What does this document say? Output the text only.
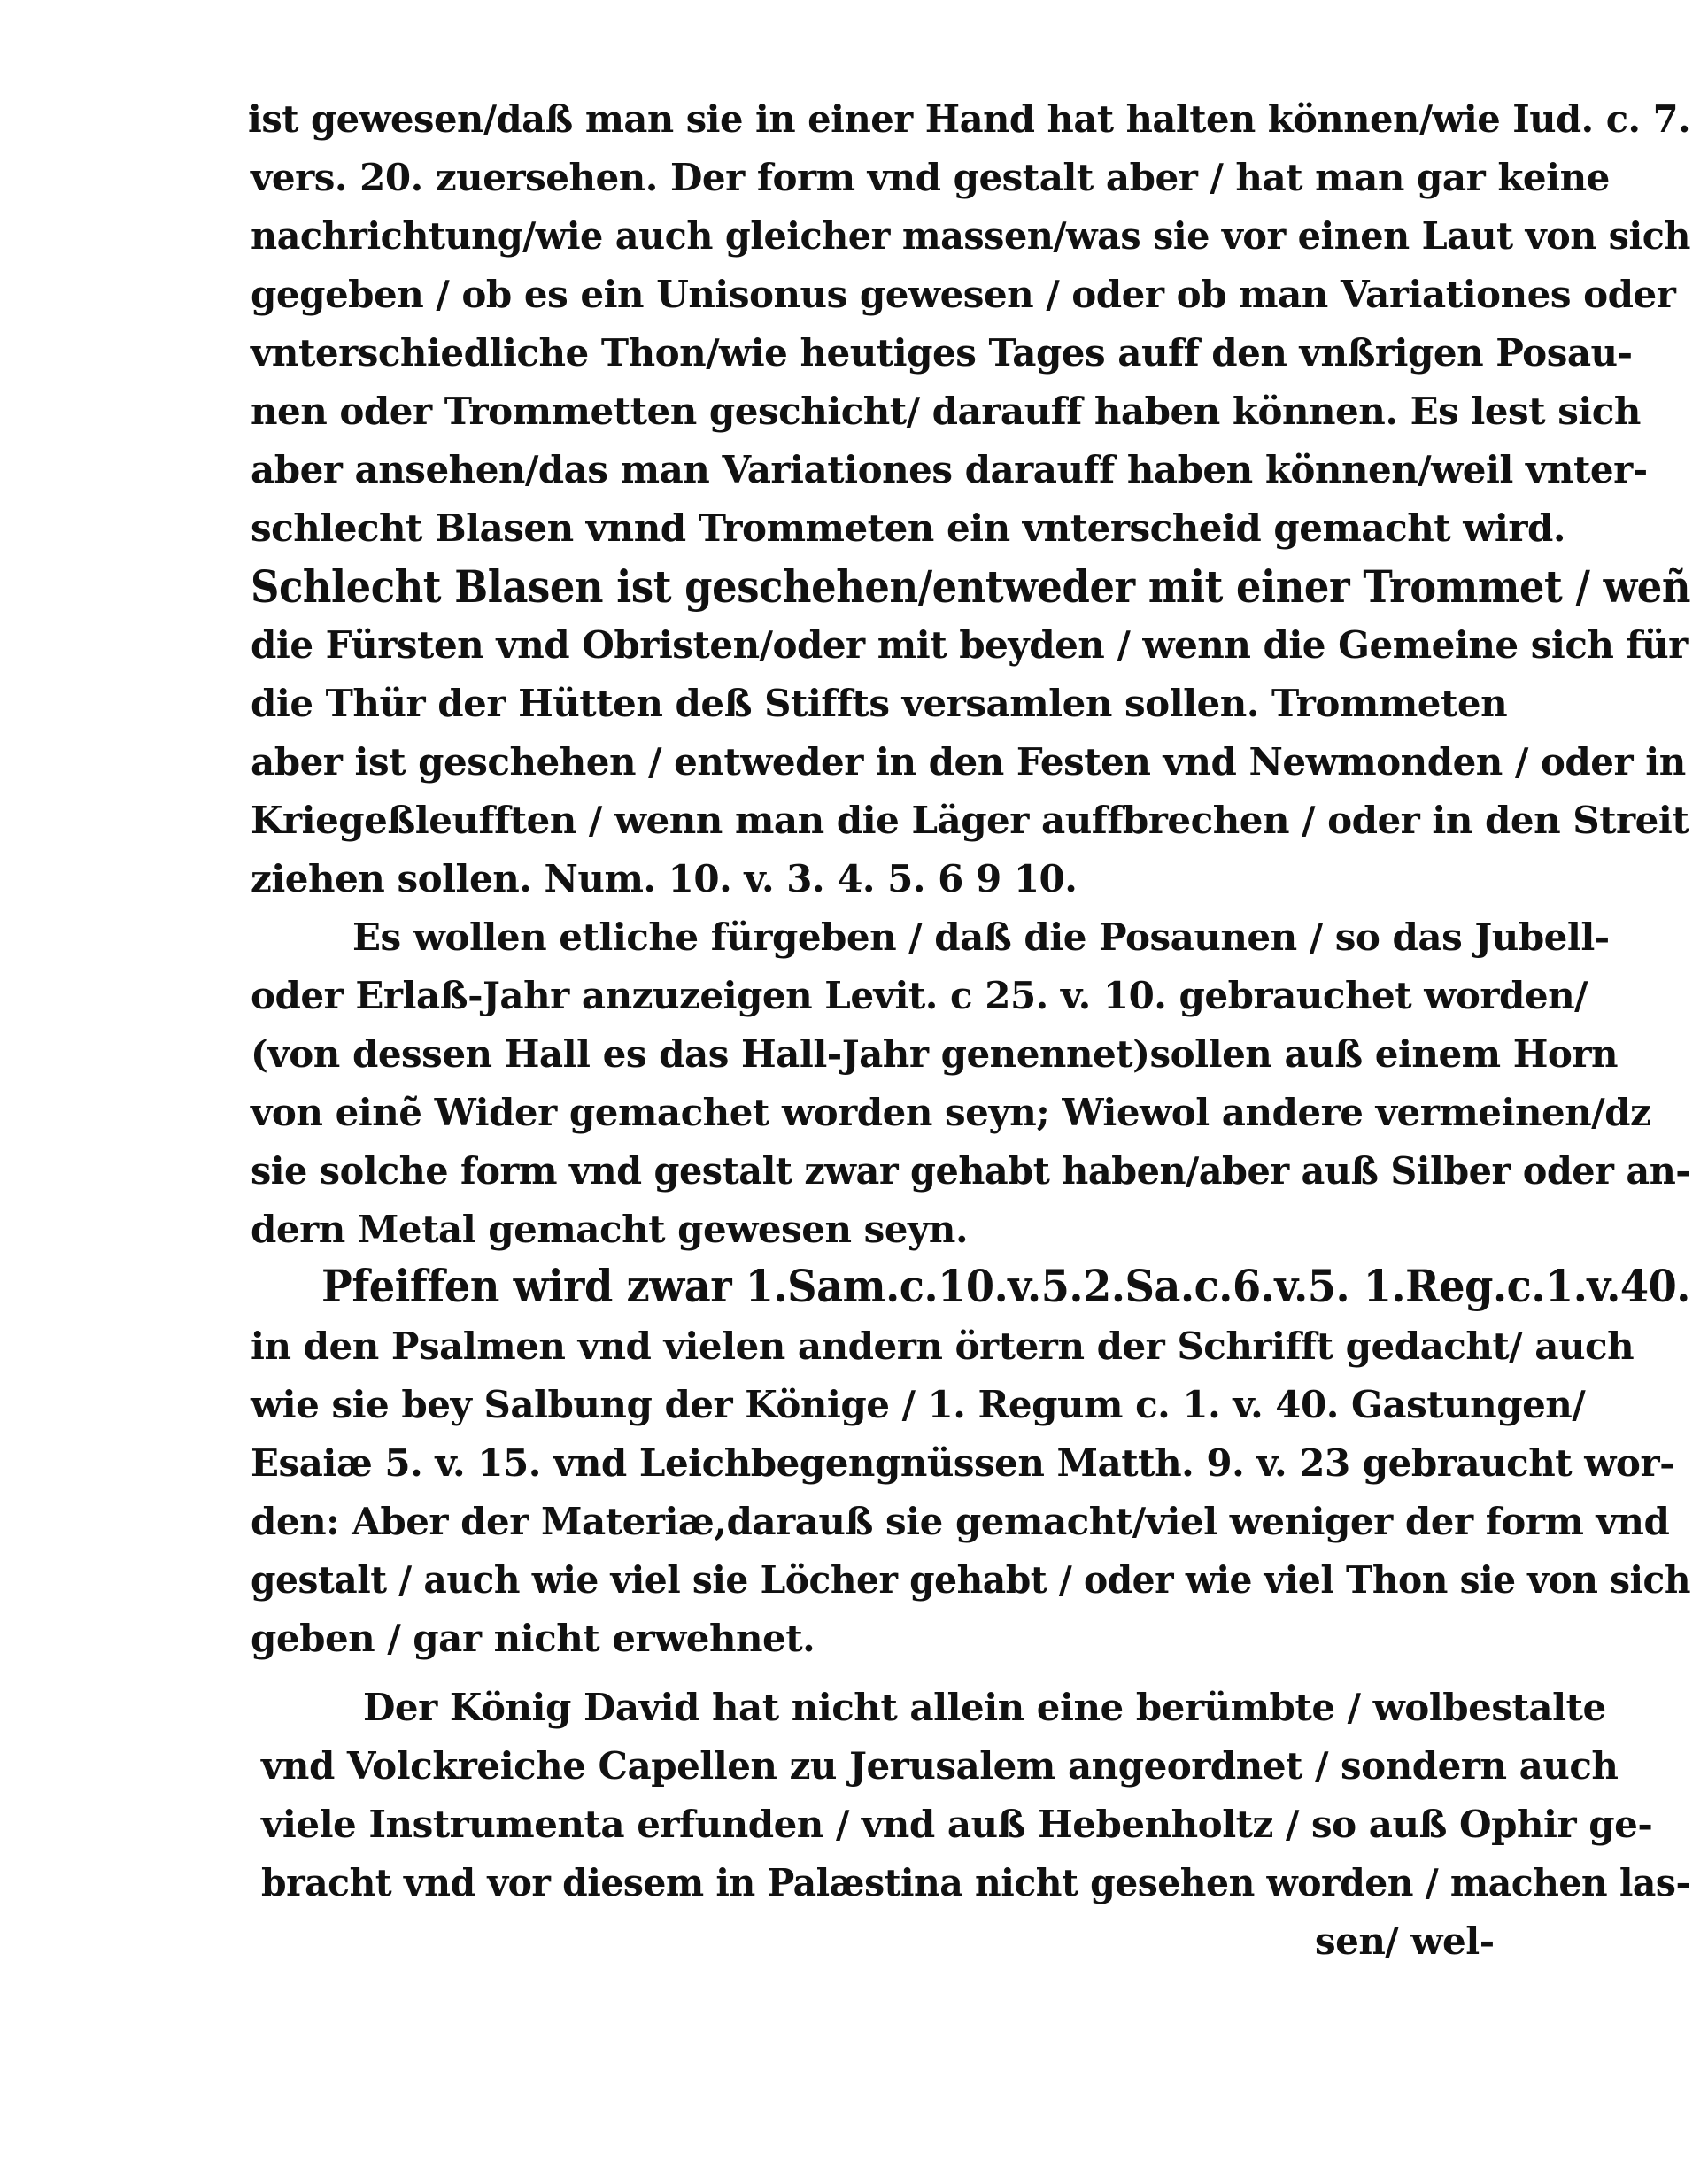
ist gewesen/daß man sie in einer Hand hat halten können/wie Iud. c. 7.
vers. 20. zuersehen. Der form vnd gestalt aber / hat man gar keine
nachrichtung/wie auch gleicher massen/was sie vor einen Laut von sich
gegeben / ob es ein Unisonus gewesen / oder ob man Variationes oder
vnterschiedliche Thon/wie heutiges Tages auff den vnßrigen Posau-
nen oder Trommetten geschicht/ darauff haben können. Es lest sich
aber ansehen/das man Variationes darauff haben können/weil vnter-
schlecht Blasen vnnd Trommeten ein vnterscheid gemacht wird.
Schlecht Blasen ist geschehen/entweder mit einer Trommet / weñ
die Fürsten vnd Obristen/oder mit beyden / wenn die Gemeine sich für
die Thür der Hütten deß Stiffts versamlen sollen. Trommeten
aber ist geschehen / entweder in den Festen vnd Newmonden / oder in
Kriegeßleufften / wenn man die Läger auffbrechen / oder in den Streit
ziehen sollen. Num. 10. v. 3. 4. 5. 6 9 10.
Es wollen etliche fürgeben / daß die Posaunen / so das Jubell-
oder Erlaß-Jahr anzuzeigen Levit. c 25. v. 10. gebrauchet worden/
(von dessen Hall es das Hall-Jahr genennet)sollen auß einem Horn
von einẽ Wider gemachet worden seyn; Wiewol andere vermeinen/dz
sie solche form vnd gestalt zwar gehabt haben/aber auß Silber oder an-
dern Metal gemacht gewesen seyn.
Pfeiffen wird zwar 1.Sam.c.10.v.5.2.Sa.c.6.v.5. 1.Reg.c.1.v.40.
in den Psalmen vnd vielen andern örtern der Schrifft gedacht/ auch
wie sie bey Salbung der Könige / 1. Regum c. 1. v. 40. Gastungen/
Esaiæ 5. v. 15. vnd Leichbegengnüssen Matth. 9. v. 23 gebraucht wor-
den: Aber der Materiæ,darauß sie gemacht/viel weniger der form vnd
gestalt / auch wie viel sie Löcher gehabt / oder wie viel Thon sie von sich
geben / gar nicht erwehnet.
Der König David hat nicht allein eine berümbte / wolbestalte
vnd Volckreiche Capellen zu Jerusalem angeordnet / sondern auch
viele Instrumenta erfunden / vnd auß Hebenholtz / so auß Ophir ge-
bracht vnd vor diesem in Palæstina nicht gesehen worden / machen las-
sen/ wel-
